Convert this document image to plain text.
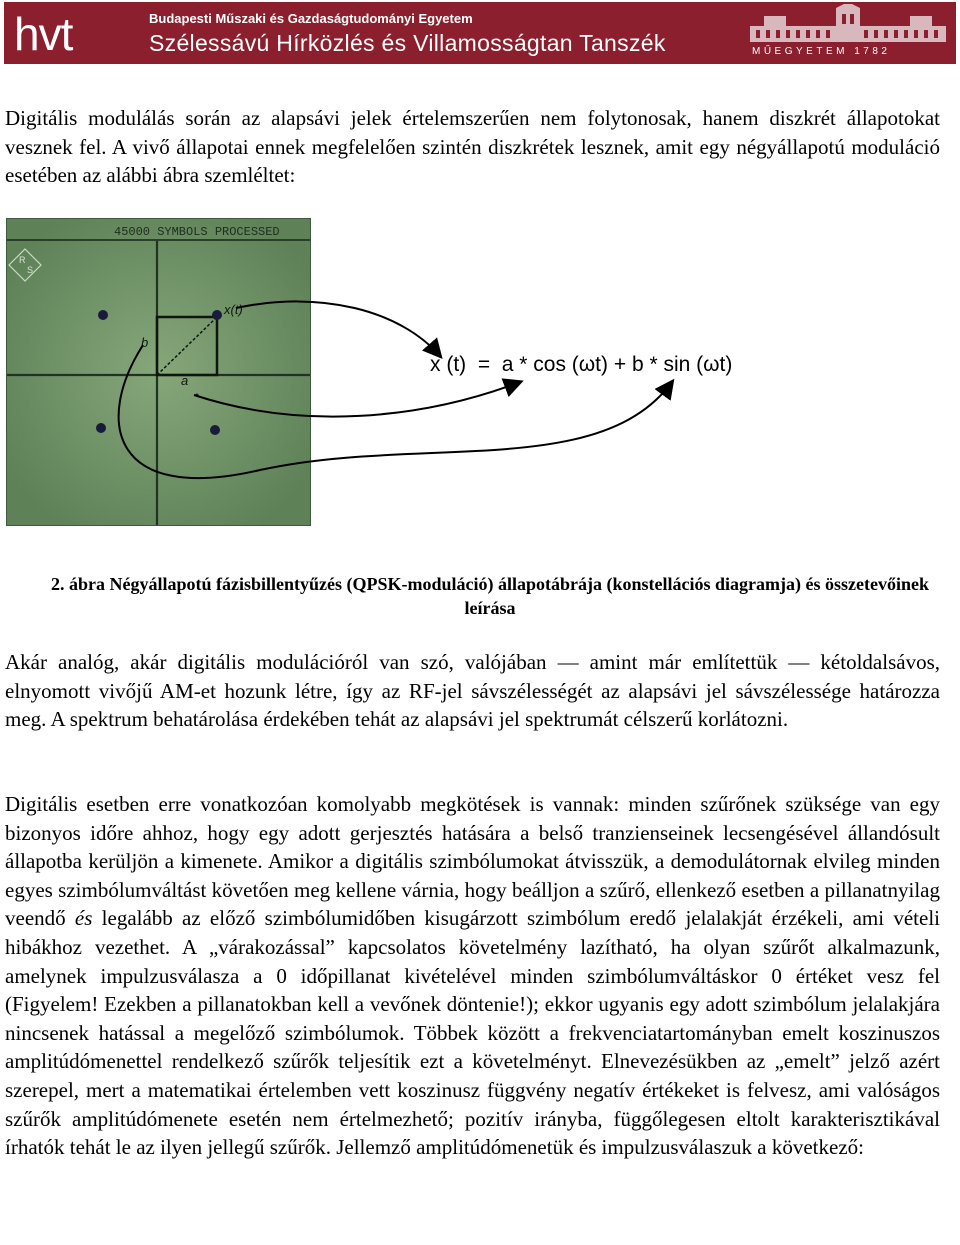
hvt	Budapesti Műszaki és Gazdaságtudományi Egyetem
Szélessávú Hírközlés és Villamosságtan Tanszék	MŰEGYETEM 1782
Digitális modulálás során az alapsávi jelek értelemszerűen nem folytonosak, hanem diszkrét állapotokat vesznek fel. A vivő állapotai ennek megfelelően szintén diszkrétek lesznek, amit egy négyállapotú moduláció esetében az alábbi ábra szemléltet:
45000 SYMBOLS PROCESSED
R
S
x(t)
b
a
x (t)  =  a * cos (ωt) + b * sin (ωt)
2. ábra Négyállapotú fázisbillentyűzés (QPSK-moduláció) állapotábrája (konstellációs diagramja) és összetevőinek leírása
Akár analóg, akár digitális modulációról van szó, valójában — amint már említettük — kétoldalsávos, elnyomott vivőjű AM-et hozunk létre, így az RF-jel sávszélességét az alapsávi jel sávszélessége határozza meg. A spektrum behatárolása érdekében tehát az alapsávi jel spektrumát célszerű korlátozni.
Digitális esetben erre vonatkozóan komolyabb megkötések is vannak: minden szűrőnek szüksége van egy bizonyos időre ahhoz, hogy egy adott gerjesztés hatására a belső tranzienseinek lecsengésével állandósult állapotba kerüljön a kimenete. Amikor a digitális szimbólumokat átvisszük, a demodulátornak elvileg minden egyes szimbólumváltást követően meg kellene várnia, hogy beálljon a szűrő, ellenkező esetben a pillanatnyilag veendő és legalább az előző szimbólumidőben kisugárzott szimbólum eredő jelalakját érzékeli, ami vételi hibákhoz vezethet. A „várakozással” kapcsolatos követelmény lazítható, ha olyan szűrőt alkalmazunk, amelynek impulzusválasza a 0 időpillanat kivételével minden szimbólumváltáskor 0 értéket vesz fel (Figyelem! Ezekben a pillanatokban kell a vevőnek döntenie!); ekkor ugyanis egy adott szimbólum jelalakjára nincsenek hatással a megelőző szimbólumok. Többek között a frekvenciatartományban emelt koszinuszos amplitúdómenettel rendelkező szűrők teljesítik ezt a követelményt. Elnevezésükben az „emelt” jelző azért szerepel, mert a matematikai értelemben vett koszinusz függvény negatív értékeket is felvesz, ami valóságos szűrők amplitúdómenete esetén nem értelmezhető; pozitív irányba, függőlegesen eltolt karakterisztikával írhatók tehát le az ilyen jellegű szűrők. Jellemző amplitúdómenetük és impulzusválaszuk a következő:
